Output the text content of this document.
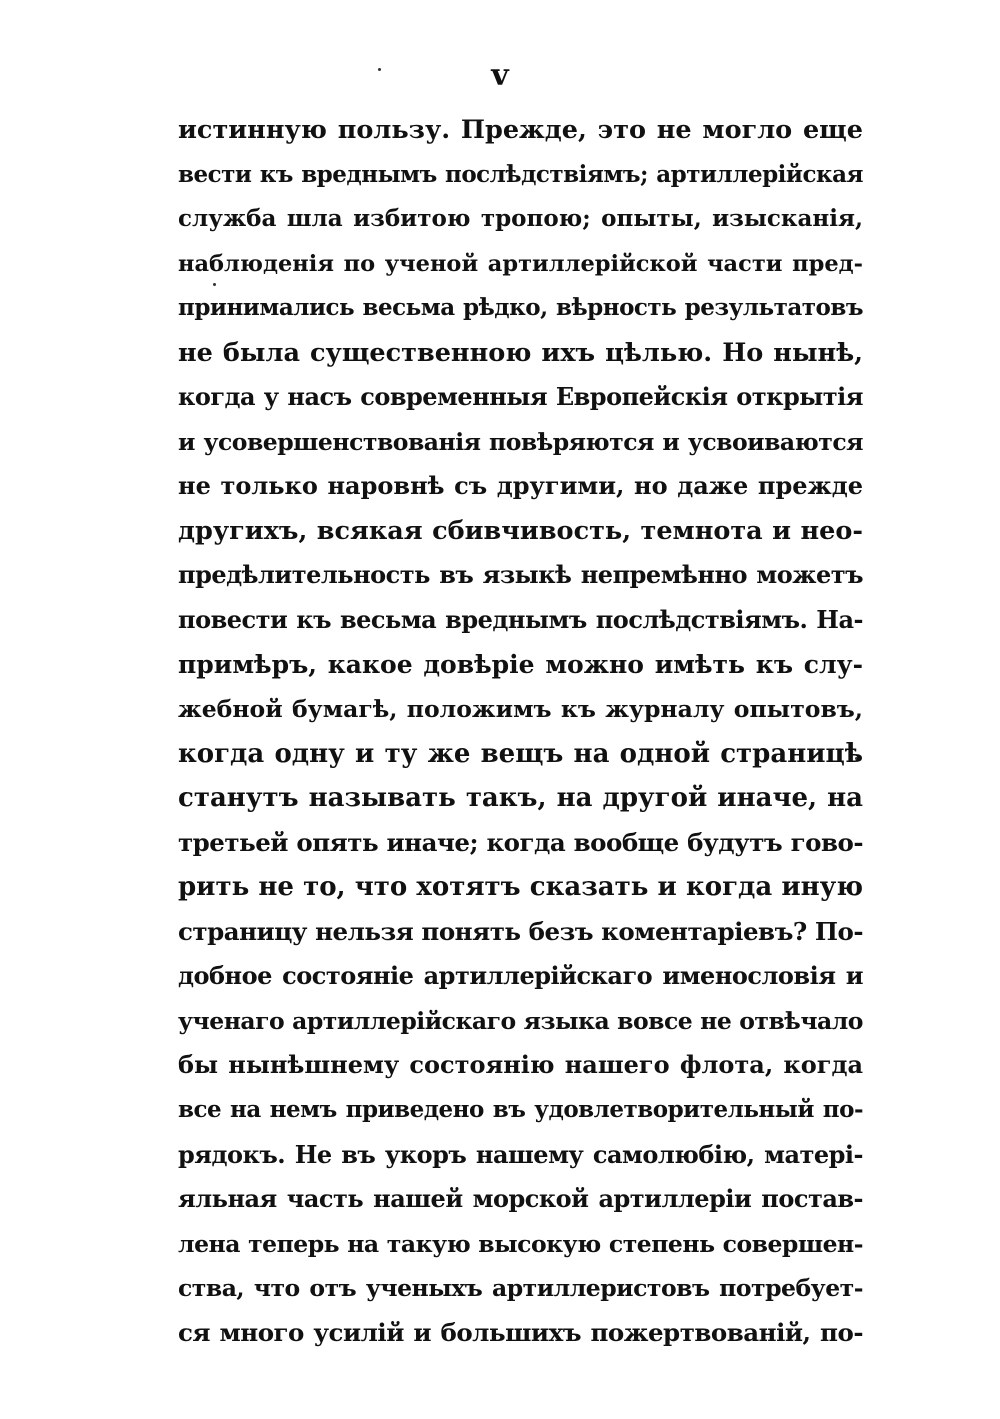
v
истинную пользу. Прежде, это не могло еще
вести къ вреднымъ послѣдствіямъ; артиллерійская
служба шла избитою тропою; опыты, изысканія,
наблюденія по ученой артиллерійской части пред-
принимались весьма рѣдко, вѣрность результатовъ
не была существенною ихъ цѣлью. Но нынѣ,
когда у насъ современныя Европейскія открытія
и усовершенствованія повѣряются и усвоиваются
не только наровнѣ съ другими, но даже прежде
другихъ, всякая сбивчивость, темнота и нео-
предѣлительность въ языкѣ непремѣнно можетъ
повести къ весьма вреднымъ послѣдствіямъ. На-
примѣръ, какое довѣріе можно имѣть къ слу-
жебной бумагѣ, положимъ къ журналу опытовъ,
когда одну и ту же вещъ на одной страницѣ
станутъ называть такъ, на другой иначе, на
третьей опять иначе; когда вообще будутъ гово-
рить не то, что хотятъ сказать и когда иную
страницу нельзя понять безъ коментаріевъ? По-
добное состояніе артиллерійскаго именословія и
ученаго артиллерійскаго языка вовсе не отвѣчало
бы нынѣшнему состоянію нашего флота, когда
все на немъ приведено въ удовлетворительный по-
рядокъ. Не въ укоръ нашему самолюбію, матері-
яльная часть нашей морской артиллеріи постав-
лена теперь на такую высокую степень совершен-
ства, что отъ ученыхъ артиллеристовъ потребует-
ся много усилій и большихъ пожертвованій, по-
